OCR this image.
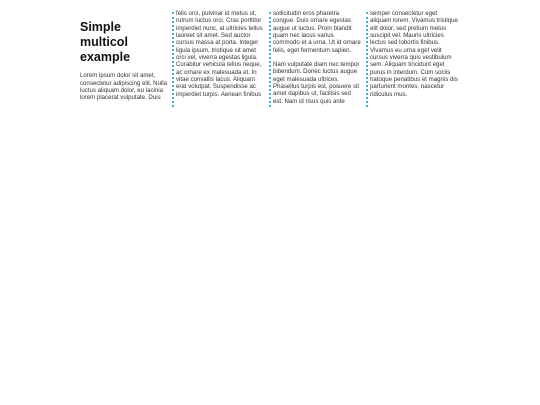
Simple multicol example

Lorem ipsum dolor sit amet, consectetur adipiscing elit. Nulla luctus aliquam dolor, eu lacinia lorem placerat vulputate. Duis

felis orci, pulvinar id metus ut, rutrum luctus orci. Cras porttitor imperdiet nunc, at ultricies tellus laoreet sit amet. Sed auctor cursus massa at porta. Integer ligula ipsum, tristique sit amet orci vel, viverra egestas ligula. Curabitur vehicula tellus neque, ac ornare ex malesuada et. In vitae convallis lacus. Aliquam erat volutpat. Suspendisse ac imperdiet turpis. Aenean finibus

sollicitudin eros pharetra congue. Duis ornare egestas augue ut luctus. Proin blandit quam nec lacus varius commodo et a urna. Ut id ornare felis, eget fermentum sapien.

Nam vulputate diam nec tempor bibendum. Donec luctus augue eget malesuada ultrices. Phasellus turpis est, posuere sit amet dapibus ut, facilisis sed est. Nam id risus quis ante

semper consectetur eget aliquam lorem. Vivamus tristique elit dolor, sed pretium metus suscipit vel. Mauris ultricies lectus sed lobortis finibus. Vivamus eu urna eget velit cursus viverra quis vestibulum sem. Aliquam tincidunt eget purus in interdum. Cum sociis natoque penatibus et magnis dis parturient montes, nascetur ridiculus mus.
